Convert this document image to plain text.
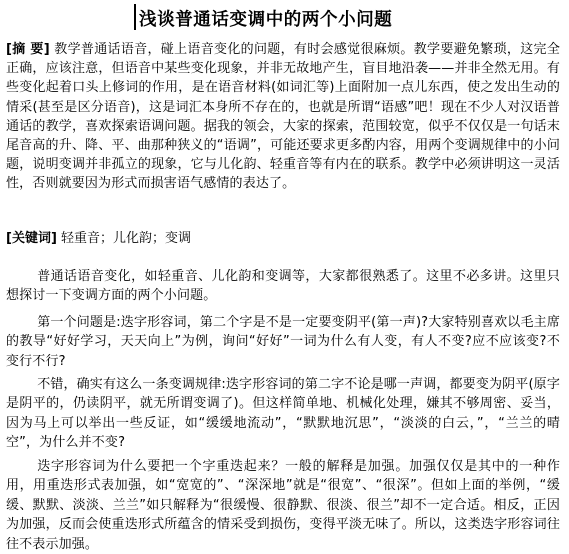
浅谈普通话变调中的两个小问题
[摘 要] 教学普通话语音，碰上语音变化的问题，有时会感觉很麻烦。教学要避免繁琐，这完全正确，应该注意，但语音中某些变化现象，并非无故地产生，盲目地沿袭——并非全然无用。有些变化起着口头上修词的作用，是在语音材料(如词汇等)上面附加一点儿东西，使之发出生动的情采(甚至是区分语音)，这是词汇本身所不存在的，也就是所谓“语感”吧！现在不少人对汉语普通话的教学，喜欢探索语调问题。据我的领会，大家的探索，范围较宽，似乎不仅仅是一句话末尾音高的升、降、平、曲那种狭义的“语调”，可能还要求更多酌内容，用两个变调规律中的小问题，说明变调并非孤立的现象，它与儿化韵、轻重音等有内在的联系。教学中必须讲明这一灵活性，否则就要因为形式而损害语气感情的表达了。
[关键词] 轻重音；儿化韵；变调
普通话语音变化，如轻重音、儿化韵和变调等，大家都很熟悉了。这里不必多讲。这里只想探讨一下变调方面的两个小问题。
第一个问题是:迭字形容词，第二个字是不是一定要变阴平(第一声)?大家特别喜欢以毛主席的教导“好好学习，天天向上”为例，询问“好好”一词为什么有人变，有人不变?应不应该变?不变行不行?
不错，确实有这么一条变调规律:迭字形容词的第二字不论是哪一声调，都要变为阴平(原字是阴平的，仍读阴平，就无所谓变调了)。但这样简单地、机械化处理，嫌其不够周密、妥当，因为马上可以举出一些反证，如“缓缓地流动”，“默默地沉思”，“淡淡的白云，”，“兰兰的晴空”，为什么并不变?
迭字形容词为什么要把一个字重迭起来？一般的解释是加强。加强仅仅是其中的一种作用，用重迭形式表加强，如“宽宽的”、“深深地”就是“很宽”、“很深”。但如上面的举例，“缓缓、默默、淡淡、兰兰”如只解释为“很缓慢、很静默、很淡、很兰”却不一定合适。相反，正因为加强，反而会使重迭形式所蕴含的情采受到损伤，变得平淡无味了。所以，这类迭字形容词往往不表示加强。
